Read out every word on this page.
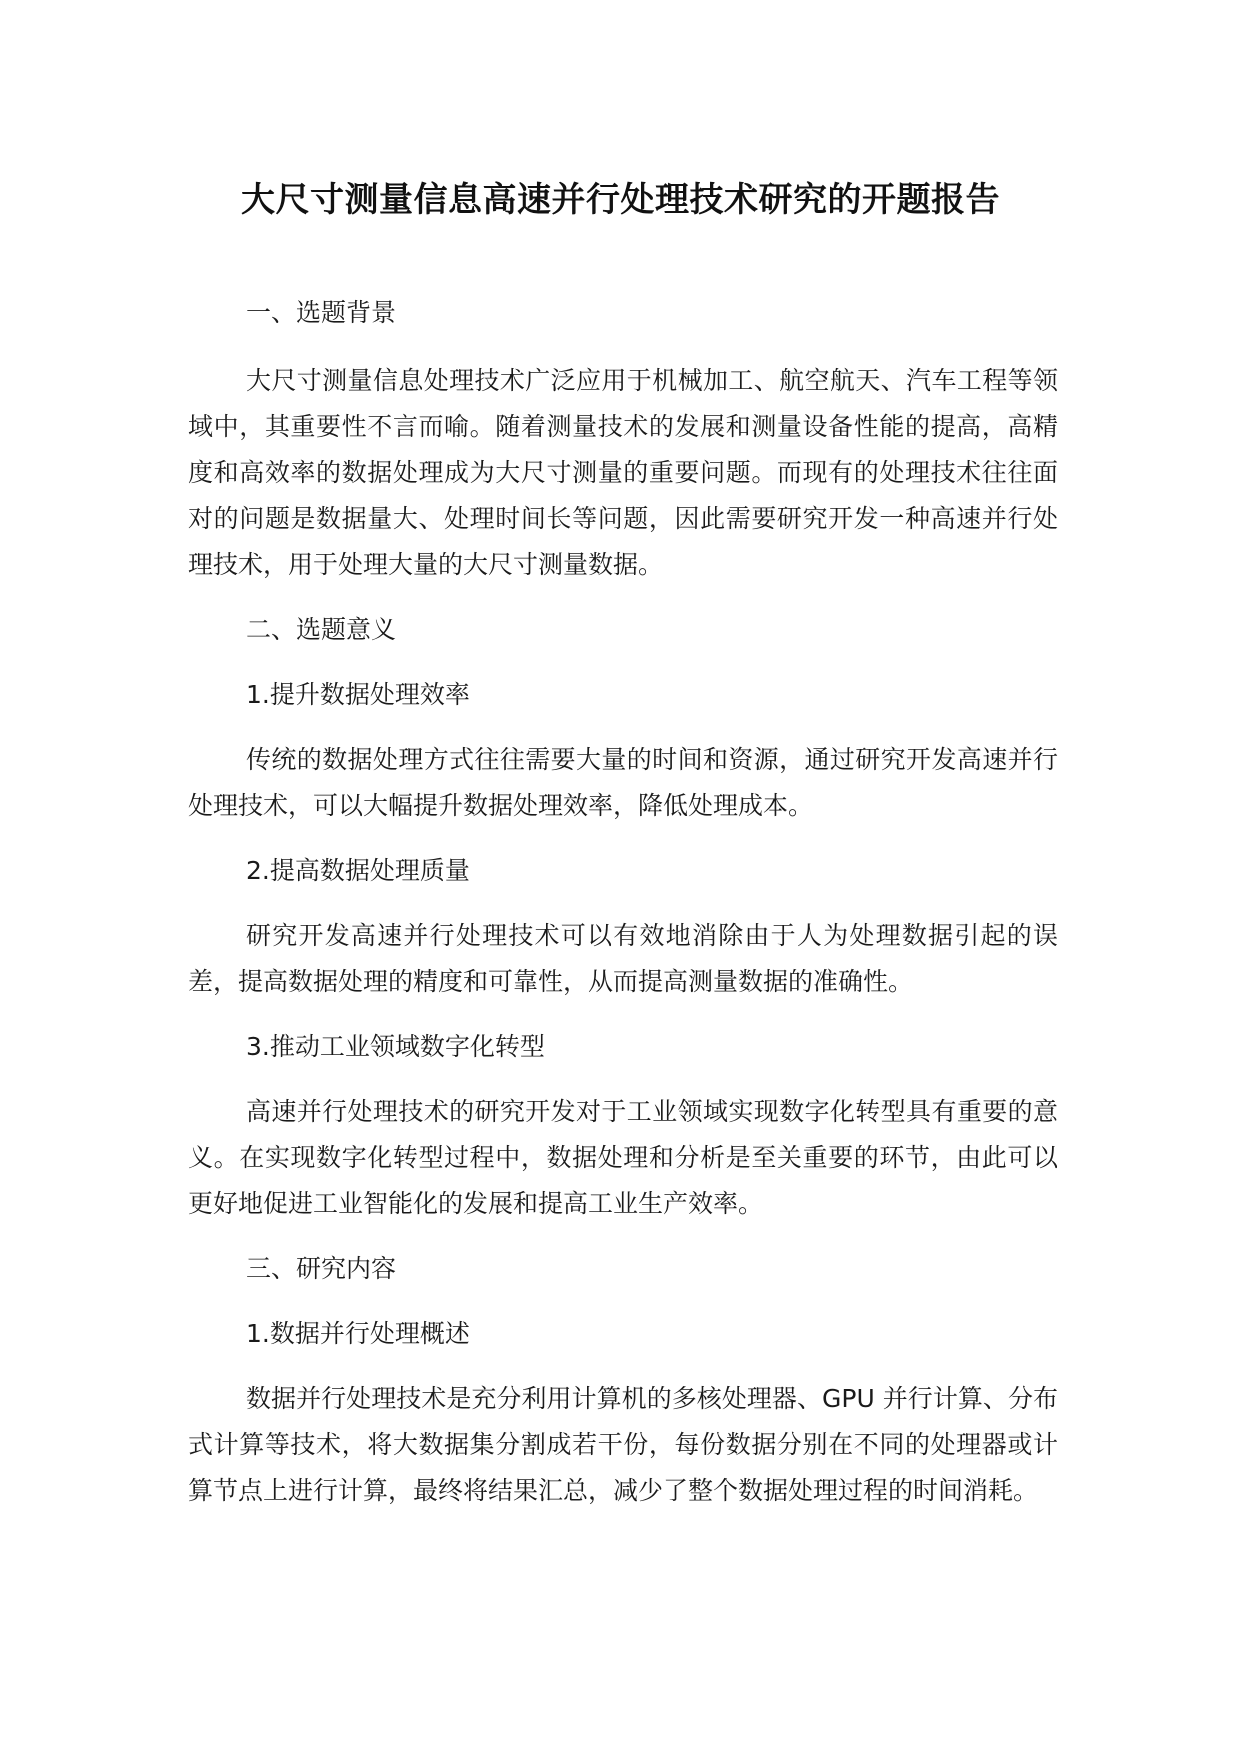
大尺寸测量信息高速并行处理技术研究的开题报告
一、选题背景
大尺寸测量信息处理技术广泛应用于机械加工、航空航天、汽车工程等领域中，其重要性不言而喻。随着测量技术的发展和测量设备性能的提高，高精度和高效率的数据处理成为大尺寸测量的重要问题。而现有的处理技术往往面对的问题是数据量大、处理时间长等问题，因此需要研究开发一种高速并行处理技术，用于处理大量的大尺寸测量数据。
二、选题意义
1.提升数据处理效率
传统的数据处理方式往往需要大量的时间和资源，通过研究开发高速并行处理技术，可以大幅提升数据处理效率，降低处理成本。
2.提高数据处理质量
研究开发高速并行处理技术可以有效地消除由于人为处理数据引起的误差，提高数据处理的精度和可靠性，从而提高测量数据的准确性。
3.推动工业领域数字化转型
高速并行处理技术的研究开发对于工业领域实现数字化转型具有重要的意义。在实现数字化转型过程中，数据处理和分析是至关重要的环节，由此可以更好地促进工业智能化的发展和提高工业生产效率。
三、研究内容
1.数据并行处理概述
数据并行处理技术是充分利用计算机的多核处理器、GPU 并行计算、分布式计算等技术，将大数据集分割成若干份，每份数据分别在不同的处理器或计算节点上进行计算，最终将结果汇总，减少了整个数据处理过程的时间消耗。
